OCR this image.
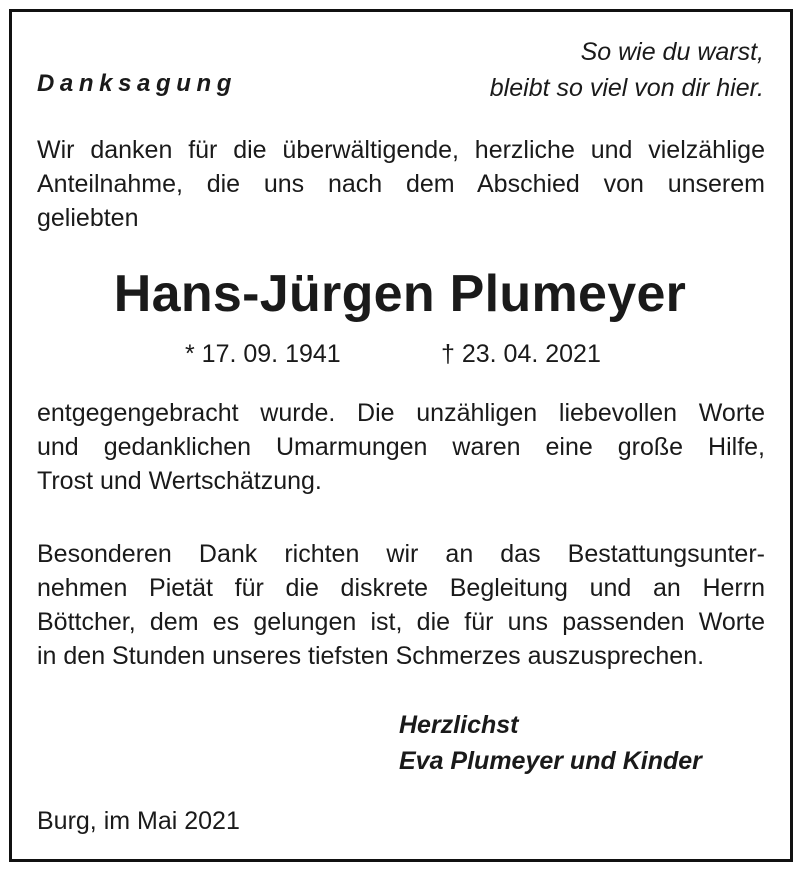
Danksagung
So wie du warst,
bleibt so viel von dir hier.
Wir danken für die überwältigende, herzliche und vielzählige
Anteilnahme, die uns nach dem Abschied von unserem
geliebten
Hans-Jürgen Plumeyer
* 17. 09. 1941	† 23. 04. 2021
entgegengebracht wurde. Die unzähligen liebevollen Worte
und gedanklichen Umarmungen waren eine große Hilfe,
Trost und Wertschätzung.
Besonderen Dank richten wir an das Bestattungsunter-
nehmen Pietät für die diskrete Begleitung und an Herrn
Böttcher, dem es gelungen ist, die für uns passenden Worte
in den Stunden unseres tiefsten Schmerzes auszusprechen.
Herzlichst
Eva Plumeyer und Kinder
Burg, im Mai 2021
